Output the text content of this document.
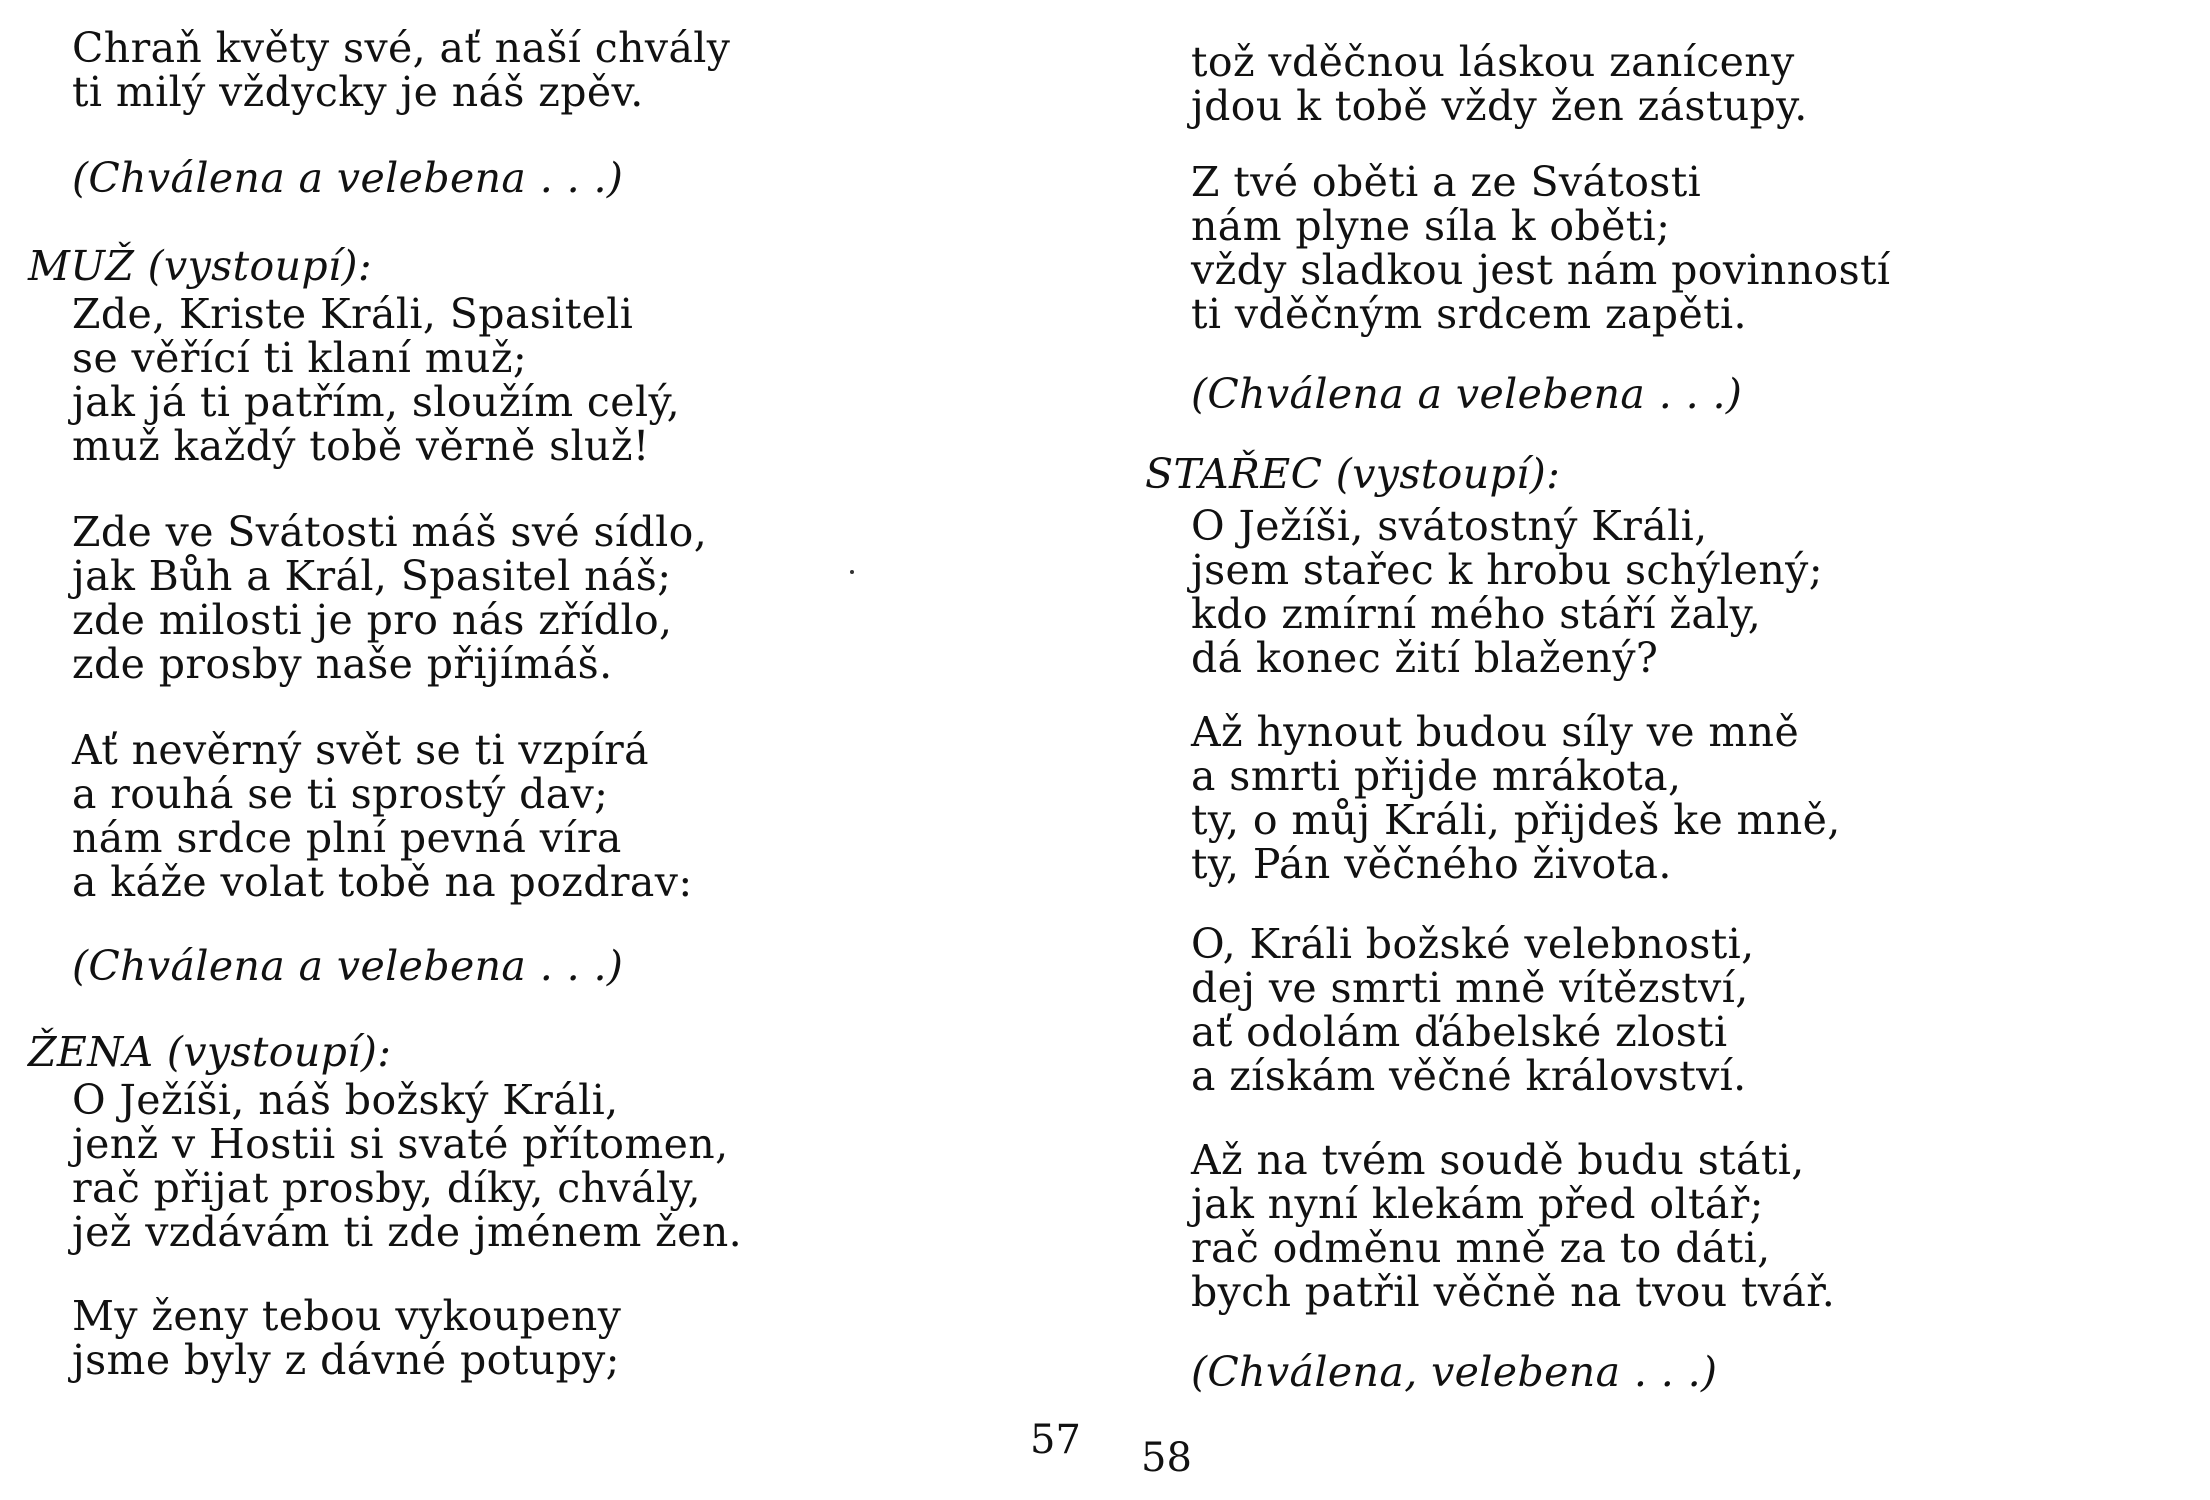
Chraň květy své, ať naší chvály
ti milý vždycky je náš zpěv.
(Chválena a velebena . . .)
MUŽ (vystoupí):
Zde, Kriste Králi, Spasiteli
se věřící ti klaní muž;
jak já ti patřím, sloužím celý,
muž každý tobě věrně služ!
Zde ve Svátosti máš své sídlo,
jak Bůh a Král, Spasitel náš;
zde milosti je pro nás zřídlo,
zde prosby naše přijímáš.
Ať nevěrný svět se ti vzpírá
a rouhá se ti sprostý dav;
nám srdce plní pevná víra
a káže volat tobě na pozdrav:
(Chválena a velebena . . .)
ŽENA (vystoupí):
O Ježíši, náš božský Králi,
jenž v Hostii si svaté přítomen,
rač přijat prosby, díky, chvály,
jež vzdávám ti zde jménem žen.
My ženy tebou vykoupeny
jsme byly z dávné potupy;
57
tož vděčnou láskou zaníceny
jdou k tobě vždy žen zástupy.
Z tvé oběti a ze Svátosti
nám plyne síla k oběti;
vždy sladkou jest nám povinností
ti vděčným srdcem zapěti.
(Chválena a velebena . . .)
STAŘEC (vystoupí):
O Ježíši, svátostný Králi,
jsem stařec k hrobu schýlený;
kdo zmírní mého stáří žaly,
dá konec žití blažený?
Až hynout budou síly ve mně
a smrti přijde mrákota,
ty, o můj Králi, přijdeš ke mně,
ty, Pán věčného života.
O, Králi božské velebnosti,
dej ve smrti mně vítězství,
ať odolám ďábelské zlosti
a získám věčné království.
Až na tvém soudě budu státi,
jak nyní klekám před oltář;
rač odměnu mně za to dáti,
bych patřil věčně na tvou tvář.
(Chválena, velebena . . .)
58
